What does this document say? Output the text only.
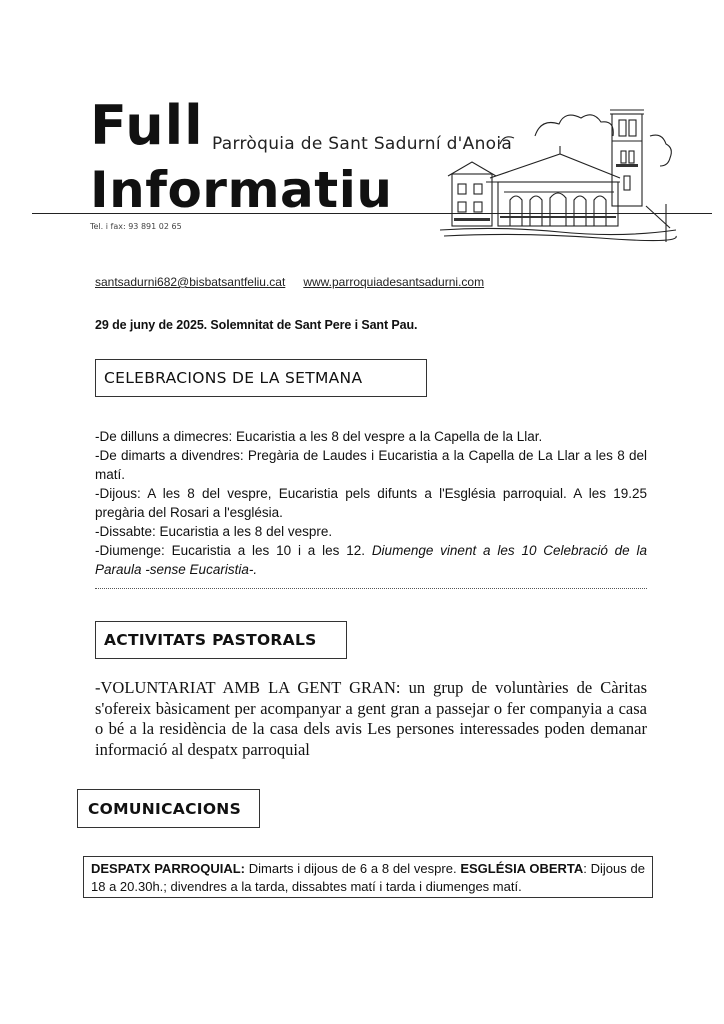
Full Parròquia de Sant Sadurní d'Anoia
Informatiu
Tel. i fax: 93 891 02 65
santsadurni682@bisbatsantfeliu.cat www.parroquiadesantsadurni.com
29 de juny de 2025. Solemnitat de Sant Pere i Sant Pau.
CELEBRACIONS DE LA SETMANA
-De dilluns a dimecres: Eucaristia a les 8 del vespre a la Capella de la Llar.
-De dimarts a divendres: Pregària de Laudes i Eucaristia a la Capella de La Llar a les 8 del matí.
-Dijous: A les 8 del vespre, Eucaristia pels difunts a l'Església parroquial. A les 19.25 pregària del Rosari a l'església.
-Dissabte: Eucaristia a les 8 del vespre.
-Diumenge: Eucaristia a les 10 i a les 12. Diumenge vinent a les 10 Celebració de la Paraula -sense Eucaristia-.
ACTIVITATS PASTORALS

-VOLUNTARIAT AMB LA GENT GRAN: un grup de voluntàries de Càritas s'ofereix bàsicament per acompanyar a gent gran a passejar o fer companyia a casa o bé a la residència de la casa dels avis Les persones interessades poden demanar informació al despatx parroquial

COMUNICACIONS
DESPATX PARROQUIAL: Dimarts i dijous de 6 a 8 del vespre. ESGLÉSIA OBERTA: Dijous de 18 a 20.30h.; divendres a la tarda, dissabtes matí i tarda i diumenges matí.
